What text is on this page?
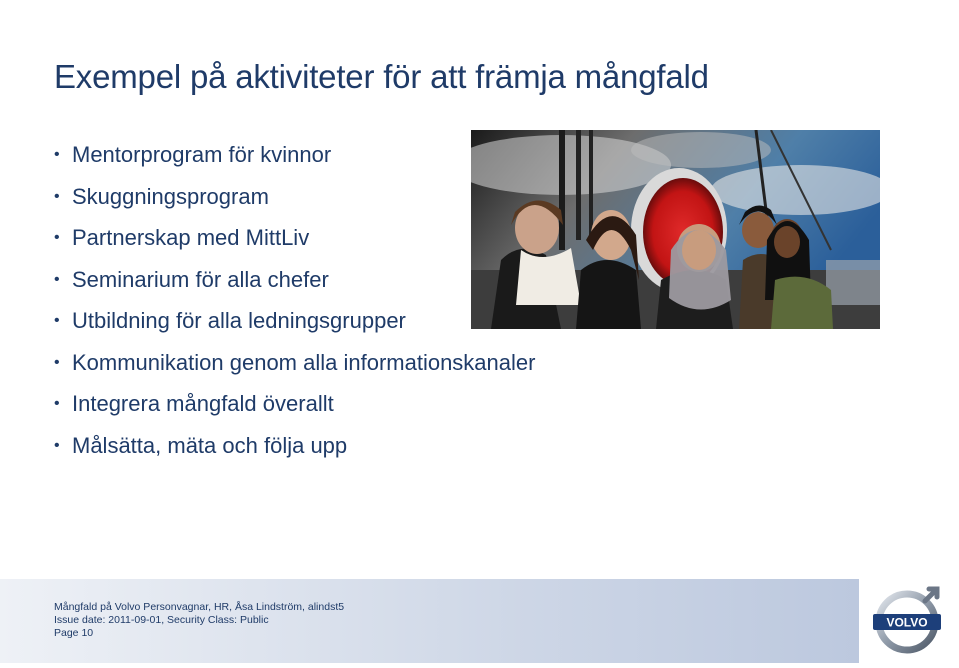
Exempel på aktiviteter för att främja mångfald
• Mentorprogram för kvinnor
• Skuggningsprogram
• Partnerskap med MittLiv
• Seminarium för alla chefer
• Utbildning för alla ledningsgrupper
• Kommunikation genom alla informationskanaler
• Integrera mångfald överallt
• Målsätta, mäta och följa upp
Mångfald på Volvo Personvagnar, HR, Åsa Lindström, alindst5
Issue date: 2011-09-01, Security Class: Public
Page 10
VOLVO
